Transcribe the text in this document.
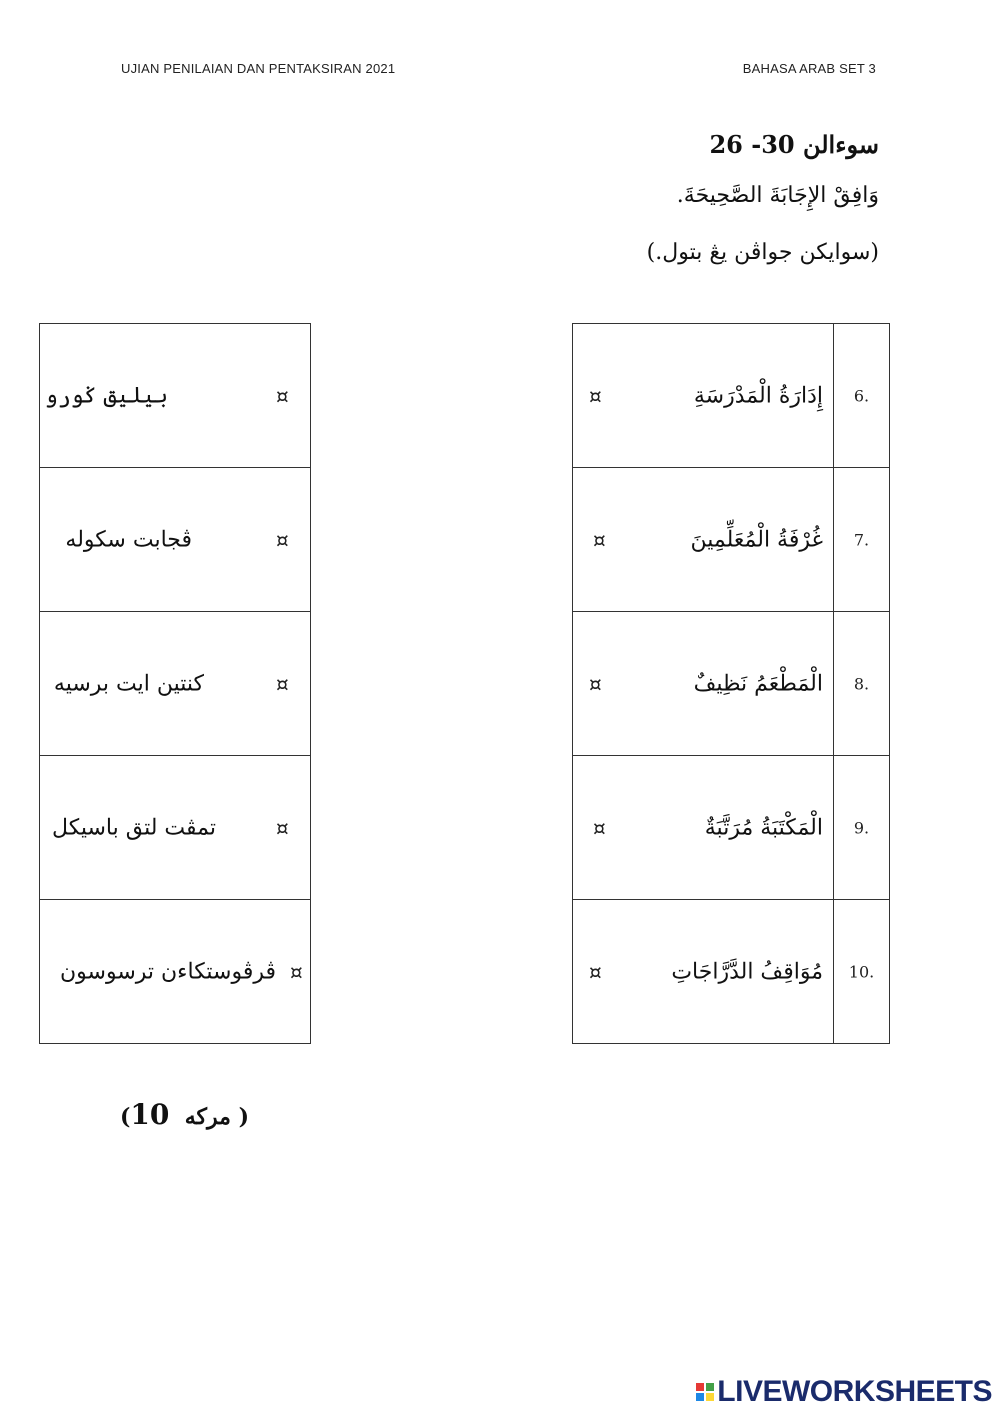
UJIAN PENILAIAN DAN PENTAKSIRAN 2021	BAHASA ARAB SET 3
سوءالن 30- 26
وَافِقْ الإِجَابَةَ الصَّحِيحَةَ.
(سوايكن جواڤن يڠ بتول.)
بيليق ݢورو	¤

ڤجابت سکوله	¤

کنتين ايت برسيه	¤

تمڤت لتق باسيکل	¤

ڤرڤوستکاءن ترسوسون ¤
¤ إِدَارَةُ الْمَدْرَسَةِ	6.

¤ غُرْفَةُ الْمُعَلِّمِينَ	7.

¤ الْمَطْعَمُ نَظِيفٌ	8.

¤ الْمَكْتَبَةُ مُرَتَّبَةٌ	9.

¤ مُوَاقِفُ الدَّرَّاجَاتِ	10.
(10 مركه )
LIVEWORKSHEETS
